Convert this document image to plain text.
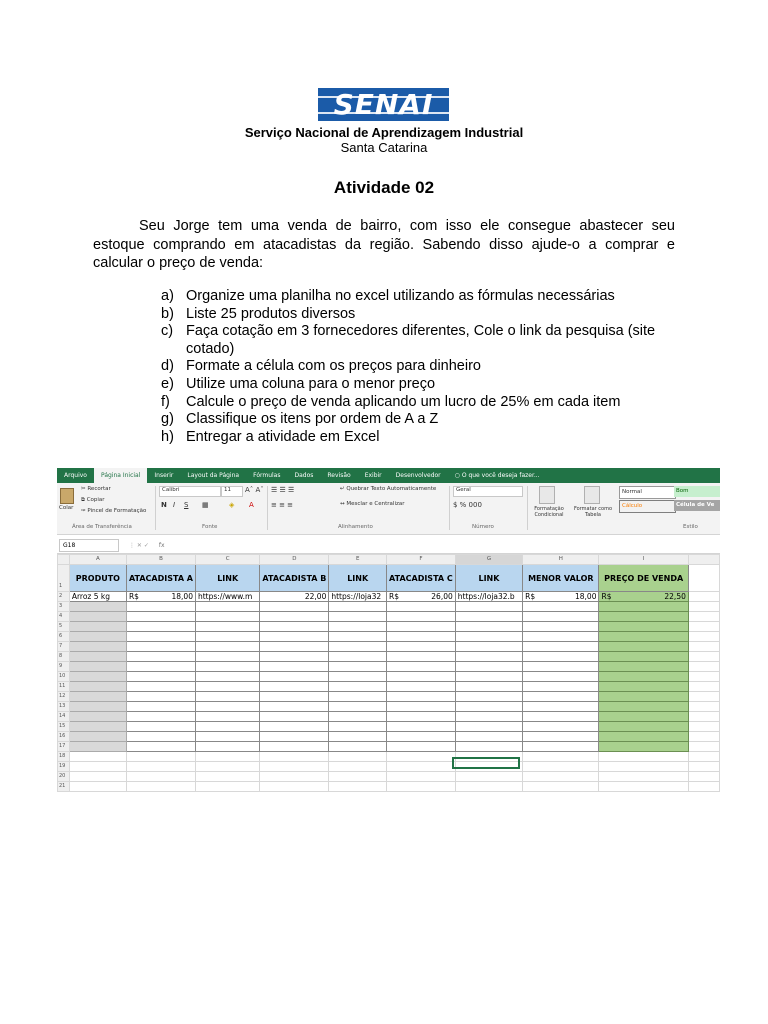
SENAI
Serviço Nacional de Aprendizagem Industrial
Santa Catarina
Atividade 02
Seu Jorge tem uma venda de bairro, com isso ele consegue abastecer seu estoque comprando em atacadistas da região. Sabendo disso ajude-o a comprar e calcular o preço de venda:
a) Organize uma planilha no excel utilizando as fórmulas necessárias
b) Liste 25 produtos diversos
c) Faça cotação em 3 fornecedores diferentes, Cole o link da pesquisa (site cotado)
d) Formate a célula com os preços para dinheiro
e) Utilize uma coluna para o menor preço
f)	Calcule o preço de venda aplicando um lucro de 25% em cada item
g) Classifique os itens por ordem de A a Z
h) Entregar a atividade em Excel
Arquivo	Página Inicial	Inserir	Layout da Página	Fórmulas	Dados	Revisão	Exibir	Desenvolvedor	○ O que você deseja fazer...
Colar
✂ Recortar
⧉ Copiar
✑ Pincel de Formatação
Área de Transferência
Calibri	11	Aˆ Aˇ
N I S ▦	◈ A
Fonte
☰ ☰ ☰
≡ ≡ ≡
↵ Quebrar Texto Automaticamente
↔ Mesclar e Centralizar
Alinhamento
Geral
$ % 000
Número
Formatação Condicional
Formatar como Tabela
Normal	Bom
Cálculo	Célula de Ve
Estilo
G18	⋮ ✕ ✓ fx
	A	B	C	D	E	F	G	H	I	
1	PRODUTO	ATACADISTA A	LINK	ATACADISTA B	LINK	ATACADISTA C	LINK	MENOR VALOR	PREÇO DE VENDA	
2	Arroz 5 kg	R$ 18,00	https://www.m	22,00	https://loja32	R$ 26,00	https://loja32.b	R$ 18,00	R$ 22,50	

3										
4										
5										
6										
7										
8										
9										
10										
11										
12										
13										
14										
15										
16										
17										
18										
19										
20										
21										
